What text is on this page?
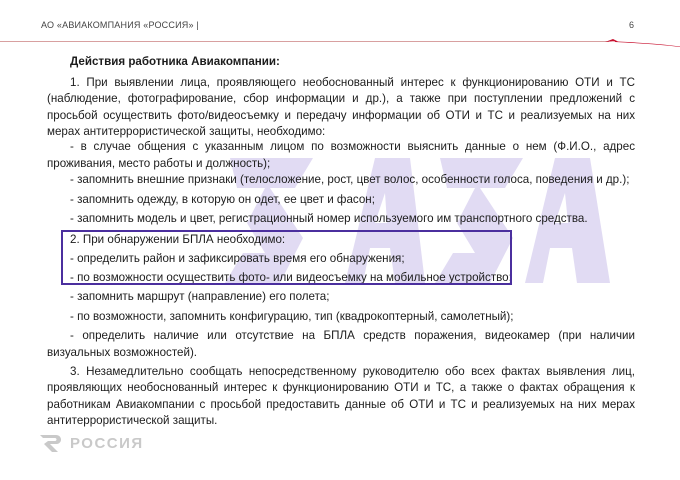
АО «АВИАКОМПАНИЯ «РОССИЯ» |	6
Действия работника Авиакомпании:
1. При выявлении лица, проявляющего необоснованный интерес к функционированию ОТИ и ТС (наблюдение, фотографирование, сбор информации и др.), а также при поступлении предложений с просьбой осуществить фото/видеосъемку и передачу информации об ОТИ и ТС и реализуемых на них мерах антитеррористической защиты, необходимо:
- в случае общения с указанным лицом по возможности выяснить данные о нем (Ф.И.О., адрес проживания, место работы и должность);
- запомнить внешние признаки (телосложение, рост, цвет волос, особенности голоса, поведения и др.);
- запомнить одежду, в которую он одет, ее цвет и фасон;
- запомнить модель и цвет, регистрационный номер используемого им транспортного средства.
2. При обнаружении БПЛА необходимо:
- определить район и зафиксировать время его обнаружения;
- по возможности осуществить фото- или видеосъемку на мобильное устройство;
- запомнить маршрут (направление) его полета;
- по возможности, запомнить конфигурацию, тип (квадрокоптерный, самолетный);
- определить наличие или отсутствие на БПЛА средств поражения, видеокамер (при наличии визуальных возможностей).
3. Незамедлительно сообщать непосредственному руководителю обо всех фактах выявления лиц, проявляющих необоснованный интерес к функционированию ОТИ и ТС, а также о фактах обращения к работникам Авиакомпании с просьбой предоставить данные об ОТИ и ТС и реализуемых на них мерах антитеррористической защиты.
РОССИЯ
